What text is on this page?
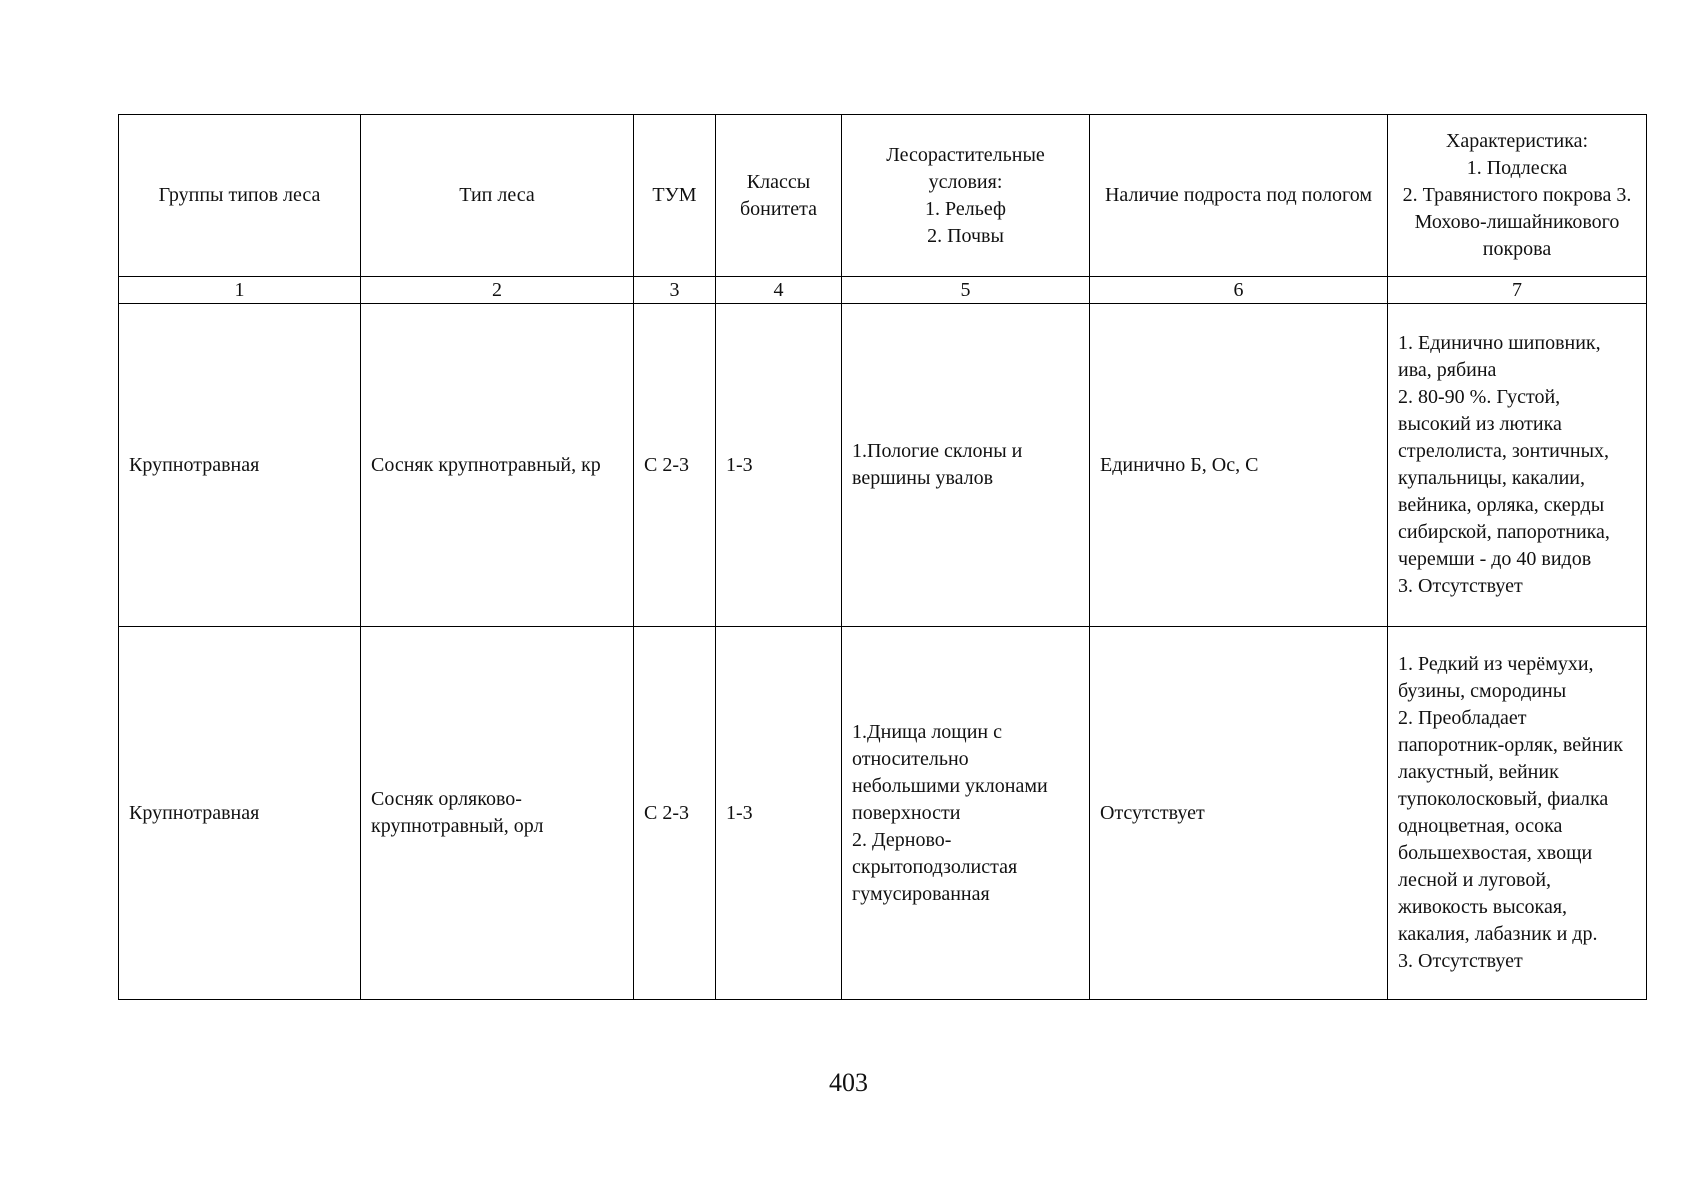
Группы типов леса	Тип леса	ТУМ	Классы бонитета	Лесорастительные условия:
1. Рельеф
2. Почвы	Наличие подроста под пологом	Характеристика:
1. Подлеска
2. Травянистого покрова 3. Мохово-лишайникового покрова
1	2	3	4	5	6	7
Крупнотравная	Сосняк крупнотравный, кр	С 2-3	1-3	1.Пологие склоны и вершины увалов	Единично Б, Ос, С	1. Единично шиповник, ива, рябина
2. 80-90 %. Густой, высокий из лютика стрелолиста, зонтичных, купальницы, какалии, вейника, орляка, скерды сибирской, папоротника, черемши - до 40 видов
3. Отсутствует
Крупнотравная	Сосняк орляково-крупнотравный, орл	С 2-3	1-3	1.Днища лощин с относительно небольшими уклонами поверхности
2. Дерново-скрытоподзолистая гумусированная	Отсутствует	1. Редкий из черёмухи, бузины, смородины
2. Преобладает папоротник-орляк, вейник лакустный, вейник тупоколосковый, фиалка одноцветная, осока большехвостая, хвощи лесной и луговой, живокость высокая, какалия, лабазник и др.
3. Отсутствует
403
